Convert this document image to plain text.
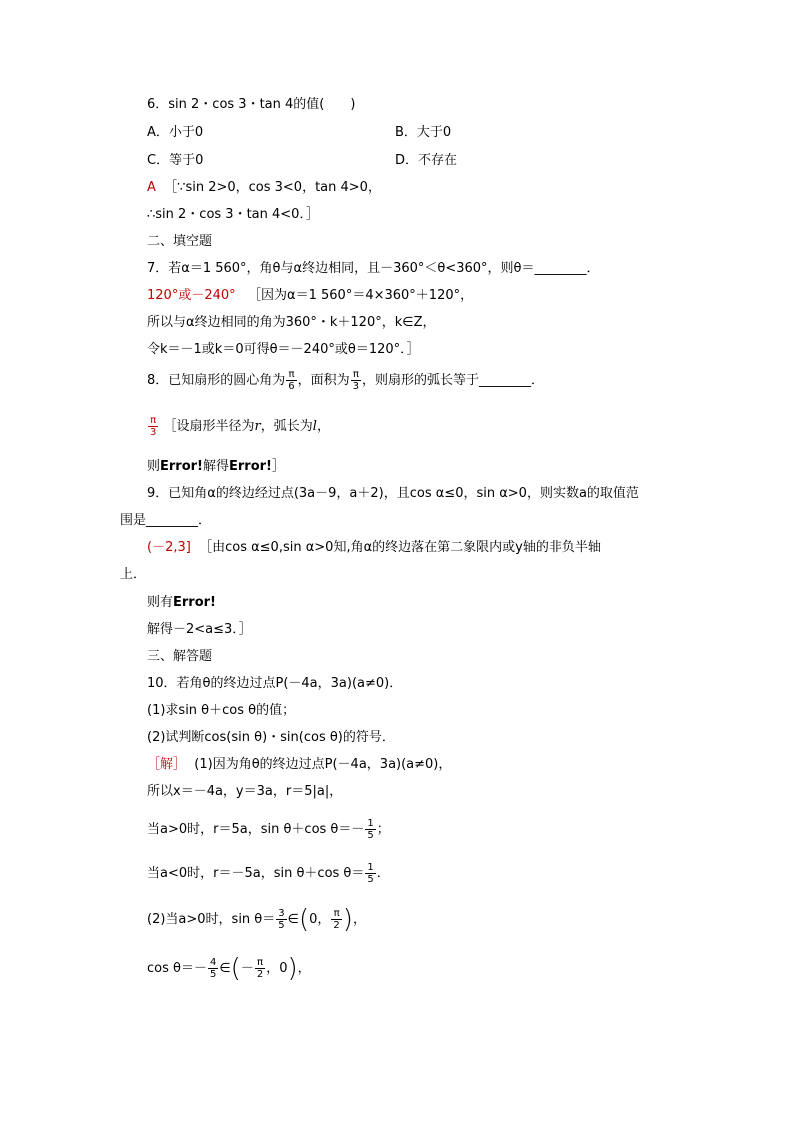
6．sin 2・cos 3・tan 4的值(　　)
A．小于0	B．大于0
C．等于0	D．不存在
A ［∵sin 2>0，cos 3<0，tan 4>0，
∴sin 2・cos 3・tan 4<0．］
二、填空题
7．若α＝1 560°，角θ与α终边相同，且－360°＜θ<360°，则θ＝________．
120°或－240° ［因为α＝1 560°＝4×360°＋120°，
所以与α终边相同的角为360°・k＋120°，k∈Z，
令k＝－1或k＝0可得θ＝－240°或θ＝120°．］
8．已知扇形的圆心角为 $\frac{\pi}{6}$ ，面积为 $\frac{\pi}{3}$ ，则扇形的弧长等于________．
$\frac{\pi}{3}$ ［设扇形半径为r，弧长为l，
则Error!解得Error!］
9．已知角α的终边经过点(3a－9，a＋2)，且cos α≤0，sin α>0，则实数a的取值范
围是________．
(－2,3] ［由cos α≤0,sin α>0知,角α的终边落在第二象限内或y轴的非负半轴
上．
则有Error!
解得－2<a≤3．］
三、解答题
10．若角θ的终边过点P(－4a，3a)(a≠0)．
(1)求sin θ＋cos θ的值；
(2)试判断cos(sin θ)・sin(cos θ)的符号．
［解］ (1)因为角θ的终边过点P(－4a，3a)(a≠0)，
所以x＝－4a，y＝3a，r＝5|a|，
当a>0时，r＝5a，sin θ＋cos $\theta=- \frac{1}{5}$ ；
当a<0时，r＝－5a，sin θ＋cos $\theta= \frac{1}{5}$ ．
(2)当a>0时，$\sin \theta= \frac{3}{5}$ ∈(0， $\frac{\pi}{2}$ )，
$\cos \theta=- \frac{4}{5}$ ∈(－ $\frac{\pi}{2}$ ，0)，
